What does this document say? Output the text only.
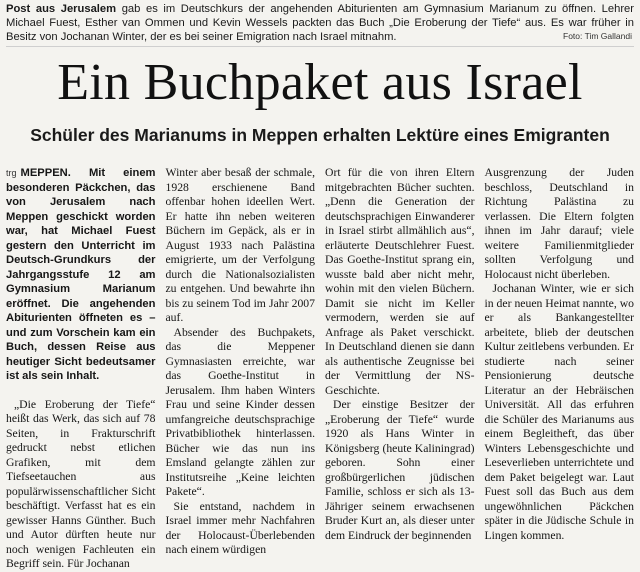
Post aus Jerusalem gab es im Deutschkurs der angehenden Abiturienten am Gymnasium Marianum zu öffnen. Lehrer Michael Fuest, Esther van Ommen und Kevin Wessels packten das Buch „Die Eroberung der Tiefe“ aus. Es war früher in Besitz von Jochanan Winter, der es bei seiner Emigration nach Israel mitnahm.	Foto: Tim Gallandi
Ein Buchpaket aus Israel
Schüler des Marianums in Meppen erhalten Lektüre eines Emigranten

trg MEPPEN. Mit einem besonderen Päckchen, das von Jerusalem nach Meppen geschickt worden war, hat Michael Fuest gestern den Unterricht im Deutsch-Grundkurs der Jahrgangsstufe 12 am Gymnasium Marianum eröffnet. Die angehenden Abiturienten öffneten es – und zum Vorschein kam ein Buch, dessen Reise aus heutiger Sicht bedeutsamer ist als sein Inhalt.

„Die Eroberung der Tiefe“ heißt das Werk, das sich auf 78 Seiten, in Frakturschrift gedruckt nebst etlichen Grafiken, mit dem Tiefseetauchen aus populärwissenschaftlicher Sicht beschäftigt. Verfasst hat es ein gewisser Hanns Günther. Buch und Autor dürften heute nur noch wenigen Fachleuten ein Begriff sein. Für Jochanan

Winter aber besaß der schmale, 1928 erschienene Band offenbar hohen ideellen Wert. Er hatte ihn neben weiteren Büchern im Gepäck, als er in August 1933 nach Palästina emigrierte, um der Verfolgung durch die Nationalsozialisten zu entgehen. Und bewahrte ihn bis zu seinem Tod im Jahr 2007 auf.

Absender des Buchpakets, das die Meppener Gymnasiasten erreichte, war das Goethe-Institut in Jerusalem. Ihm haben Winters Frau und seine Kinder dessen umfangreiche deutschsprachige Privatbibliothek hinterlassen. Bücher wie das nun ins Emsland gelangte zählen zur Institutsreihe „Keine leichten Pakete“.

Sie entstand, nachdem in Israel immer mehr Nachfahren der Holocaust-Überlebenden nach einem würdigen

Ort für die von ihren Eltern mitgebrachten Bücher suchten. „Denn die Generation der deutschsprachigen Einwanderer in Israel stirbt allmählich aus“, erläuterte Deutschlehrer Fuest. Das Goethe-Institut sprang ein, wusste bald aber nicht mehr, wohin mit den vielen Büchern. Damit sie nicht im Keller vermodern, werden sie auf Anfrage als Paket verschickt. In Deutschland dienen sie dann als authentische Zeugnisse bei der Vermittlung der NS-Geschichte.

Der einstige Besitzer der „Eroberung der Tiefe“ wurde 1920 als Hans Winter in Königsberg (heute Kaliningrad) geboren. Sohn einer großbürgerlichen jüdischen Familie, schloss er sich als 13-Jähriger seinem erwachsenen Bruder Kurt an, als dieser unter dem Eindruck der beginnenden

Ausgrenzung der Juden beschloss, Deutschland in Richtung Palästina zu verlassen. Die Eltern folgten ihnen im Jahr darauf; viele weitere Familienmitglieder sollten Verfolgung und Holocaust nicht überleben.

Jochanan Winter, wie er sich in der neuen Heimat nannte, wo er als Bankangestellter arbeitete, blieb der deutschen Kultur zeitlebens verbunden. Er studierte nach seiner Pensionierung deutsche Literatur an der Hebräischen Universität. All das erfuhren die Schüler des Marianums aus einem Begleitheft, das über Winters Lebensgeschichte und Leseverlieben unterrichtete und dem Paket beigelegt war. Laut Fuest soll das Buch aus dem ungewöhnlichen Päckchen später in die Jüdische Schule in Lingen kommen.
